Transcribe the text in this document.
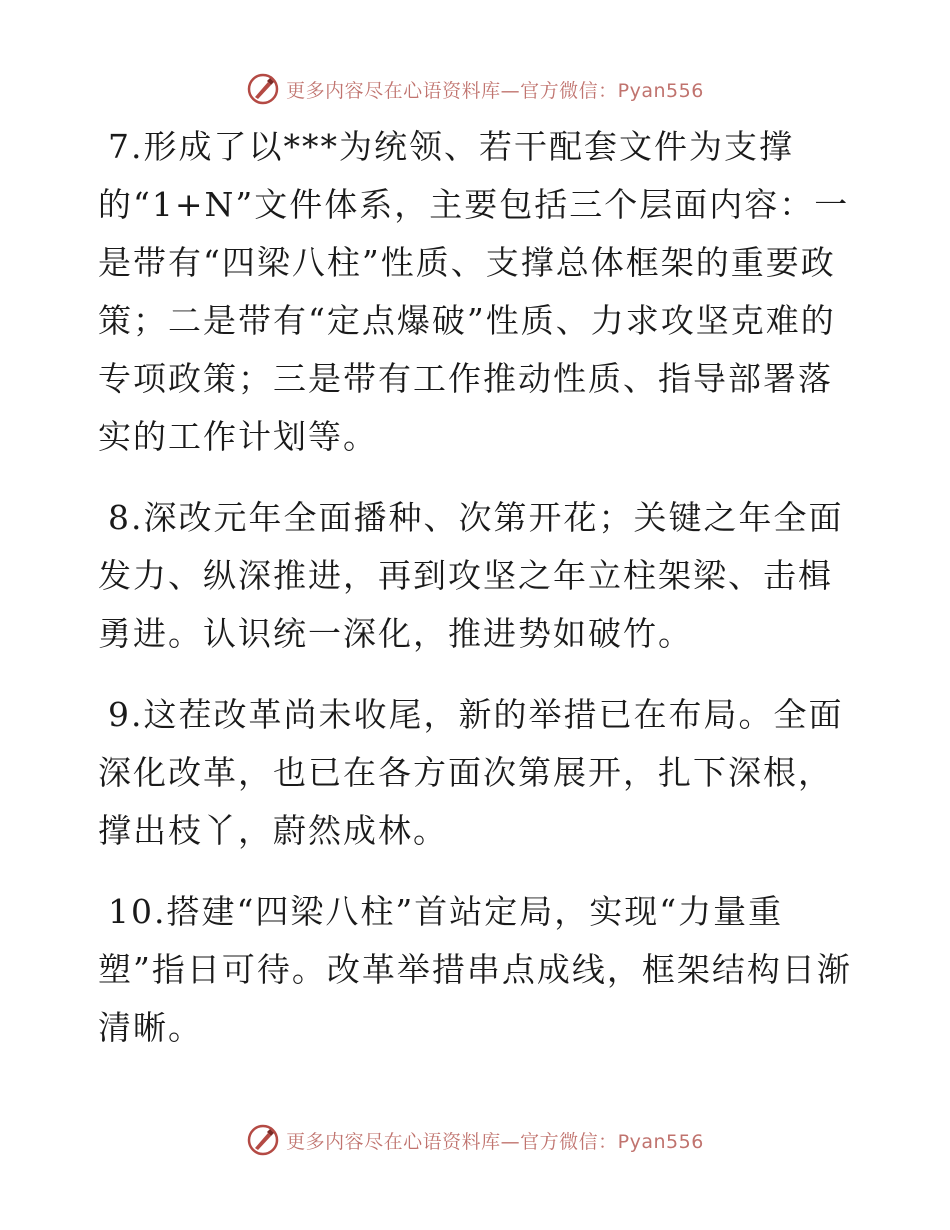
更多内容尽在心语资料库—官方微信：Pyan556

7.形成了以***为统领、若干配套文件为支撑的“1+N”文件体系，主要包括三个层面内容：一是带有“四梁八柱”性质、支撑总体框架的重要政策；二是带有“定点爆破”性质、力求攻坚克难的专项政策；三是带有工作推动性质、指导部署落实的工作计划等。

8.深改元年全面播种、次第开花；关键之年全面发力、纵深推进，再到攻坚之年立柱架梁、击楫勇进。认识统一深化，推进势如破竹。

9.这茬改革尚未收尾，新的举措已在布局。全面深化改革，也已在各方面次第展开，扎下深根，撑出枝丫，蔚然成林。

10.搭建“四梁八柱”首站定局，实现“力量重塑”指日可待。改革举措串点成线，框架结构日渐清晰。

更多内容尽在心语资料库—官方微信：Pyan556
